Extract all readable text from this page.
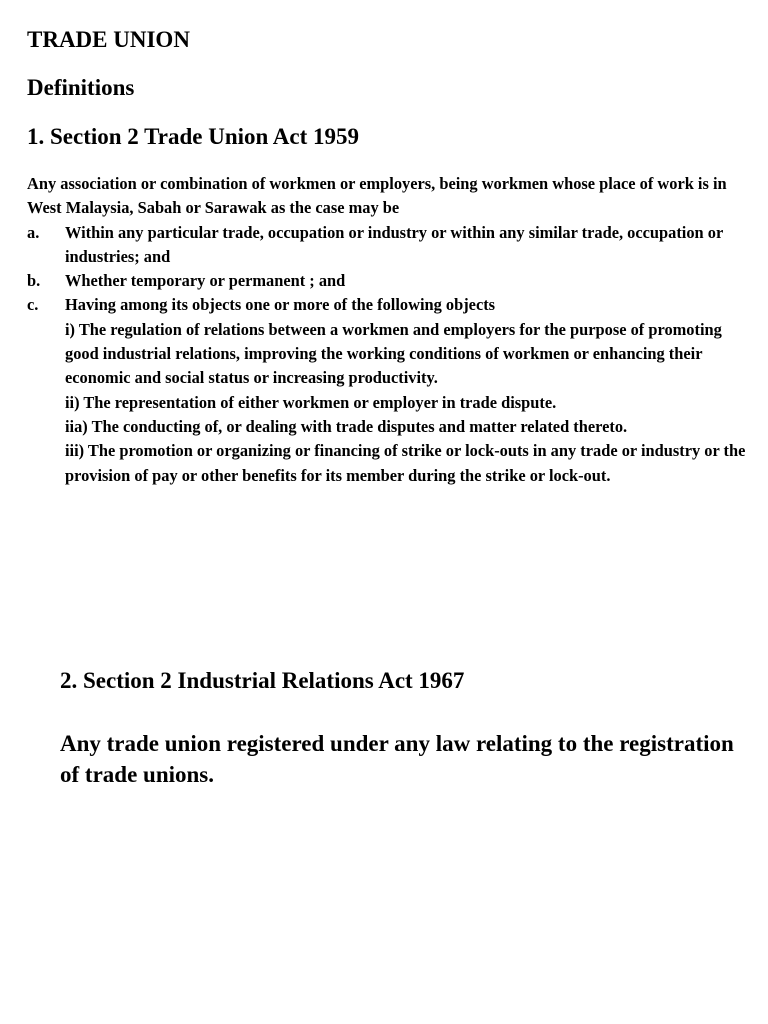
TRADE UNION
Definitions
1. Section 2 Trade Union Act 1959

Any association or combination of workmen or employers, being workmen whose place of work is in West Malaysia, Sabah or Sarawak as the case may be

a.	Within any particular trade, occupation or industry or within any similar trade, occupation or industries; and
b.	Whether temporary or permanent ; and
c.	Having among its objects one or more of the following objects

i) The regulation of relations between a workmen and employers for the purpose of promoting good industrial relations, improving the working conditions of workmen or enhancing their economic and social status or increasing productivity.

ii) The representation of either workmen or employer in trade dispute.

iia) The conducting of, or dealing with trade disputes and matter related thereto.

iii) The promotion or organizing or financing of strike or lock-outs in any trade or industry or the provision of pay or other benefits for its member during the strike or lock-out.

2. Section 2 Industrial Relations Act 1967

Any trade union registered under any law relating to the registration of trade unions.
